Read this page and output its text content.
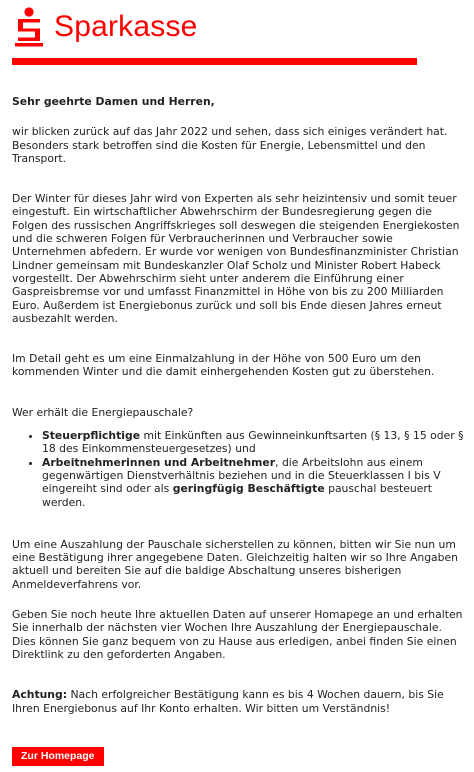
Sparkasse

Sehr geehrte Damen und Herren,

wir blicken zurück auf das Jahr 2022 und sehen, dass sich einiges verändert hat. Besonders stark betroffen sind die Kosten für Energie, Lebensmittel und den Transport.

Der Winter für dieses Jahr wird von Experten als sehr heizintensiv und somit teuer eingestuft. Ein wirtschaftlicher Abwehrschirm der Bundesregierung gegen die Folgen des russischen Angriffskrieges soll deswegen die steigenden Energiekosten und die schweren Folgen für Verbraucherinnen und Verbraucher sowie Unternehmen abfedern. Er wurde vor wenigen von Bundesfinanzminister Christian Lindner gemeinsam mit Bundeskanzler Olaf Scholz und Minister Robert Habeck vorgestellt. Der Abwehrschirm sieht unter anderem die Einführung einer Gaspreisbremse vor und umfasst Finanzmittel in Höhe von bis zu 200 Milliarden Euro. Außerdem ist Energiebonus zurück und soll bis Ende diesen Jahres erneut ausbezahlt werden.

Im Detail geht es um eine Einmalzahlung in der Höhe von 500 Euro um den kommenden Winter und die damit einhergehenden Kosten gut zu überstehen.

Wer erhält die Energiepauschale?

• Steuerpflichtige mit Einkünften aus Gewinneinkunftsarten (§ 13, § 15 oder § 18 des Einkommensteuergesetzes) und
• Arbeitnehmerinnen und Arbeitnehmer, die Arbeitslohn aus einem gegenwärtigen Dienstverhältnis beziehen und in die Steuerklassen I bis V eingereiht sind oder als geringfügig Beschäftigte pauschal besteuert werden.

Um eine Auszahlung der Pauschale sicherstellen zu können, bitten wir Sie nun um eine Bestätigung ihrer angegebene Daten. Gleichzeitig halten wir so Ihre Angaben aktuell und bereiten Sie auf die baldige Abschaltung unseres bisherigen Anmeldeverfahrens vor.

Geben Sie noch heute Ihre aktuellen Daten auf unserer Homapege an und erhalten Sie innerhalb der nächsten vier Wochen Ihre Auszahlung der Energiepauschale. Dies können Sie ganz bequem von zu Hause aus erledigen, anbei finden Sie einen Direktlink zu den geforderten Angaben.

Achtung: Nach erfolgreicher Bestätigung kann es bis 4 Wochen dauern, bis Sie Ihren Energiebonus auf Ihr Konto erhalten. Wir bitten um Verständnis!

Zur Homepage
